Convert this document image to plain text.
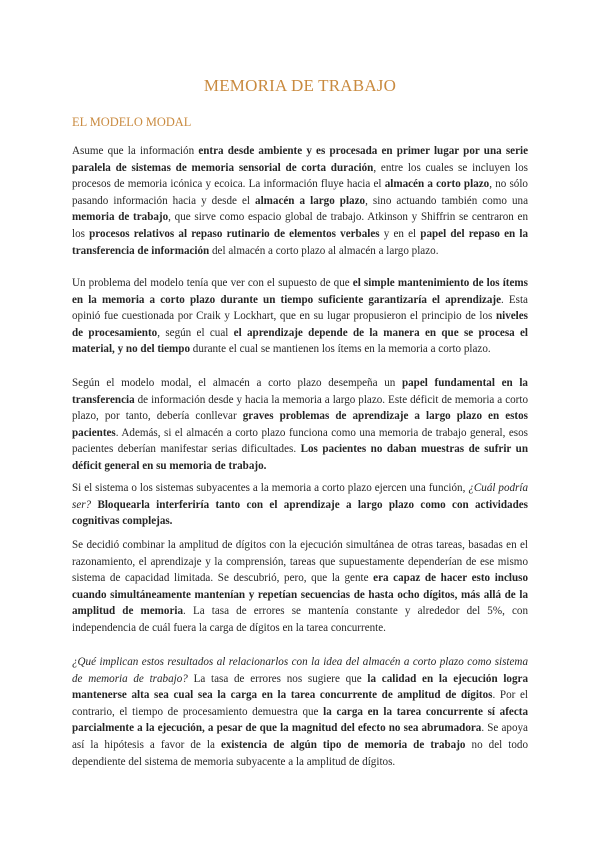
MEMORIA DE TRABAJO
EL MODELO MODAL

Asume que la información entra desde ambiente y es procesada en primer lugar por una serie paralela de sistemas de memoria sensorial de corta duración, entre los cuales se incluyen los procesos de memoria icónica y ecoica. La información fluye hacia el almacén a corto plazo, no sólo pasando información hacia y desde el almacén a largo plazo, sino actuando también como una memoria de trabajo, que sirve como espacio global de trabajo. Atkinson y Shiffrin se centraron en los procesos relativos al repaso rutinario de elementos verbales y en el papel del repaso en la transferencia de información del almacén a corto plazo al almacén a largo plazo.

Un problema del modelo tenía que ver con el supuesto de que el simple mantenimiento de los ítems en la memoria a corto plazo durante un tiempo suficiente garantizaría el aprendizaje. Esta opinió fue cuestionada por Craik y Lockhart, que en su lugar propusieron el principio de los niveles de procesamiento, según el cual el aprendizaje depende de la manera en que se procesa el material, y no del tiempo durante el cual se mantienen los ítems en la memoria a corto plazo.

Según el modelo modal, el almacén a corto plazo desempeña un papel fundamental en la transferencia de información desde y hacia la memoria a largo plazo. Este déficit de memoria a corto plazo, por tanto, debería conllevar graves problemas de aprendizaje a largo plazo en estos pacientes. Además, si el almacén a corto plazo funciona como una memoria de trabajo general, esos pacientes deberían manifestar serias dificultades. Los pacientes no daban muestras de sufrir un déficit general en su memoria de trabajo.

Si el sistema o los sistemas subyacentes a la memoria a corto plazo ejercen una función, ¿Cuál podría ser? Bloquearla interferiría tanto con el aprendizaje a largo plazo como con actividades cognitivas complejas.

Se decidió combinar la amplitud de dígitos con la ejecución simultánea de otras tareas, basadas en el razonamiento, el aprendizaje y la comprensión, tareas que supuestamente dependerían de ese mismo sistema de capacidad limitada. Se descubrió, pero, que la gente era capaz de hacer esto incluso cuando simultáneamente mantenían y repetían secuencias de hasta ocho dígitos, más allá de la amplitud de memoria. La tasa de errores se mantenía constante y alrededor del 5%, con independencia de cuál fuera la carga de dígitos en la tarea concurrente.

¿Qué implican estos resultados al relacionarlos con la idea del almacén a corto plazo como sistema de memoria de trabajo? La tasa de errores nos sugiere que la calidad en la ejecución logra mantenerse alta sea cual sea la carga en la tarea concurrente de amplitud de dígitos. Por el contrario, el tiempo de procesamiento demuestra que la carga en la tarea concurrente sí afecta parcialmente a la ejecución, a pesar de que la magnitud del efecto no sea abrumadora. Se apoya así la hipótesis a favor de la existencia de algún tipo de memoria de trabajo no del todo dependiente del sistema de memoria subyacente a la amplitud de dígitos.
